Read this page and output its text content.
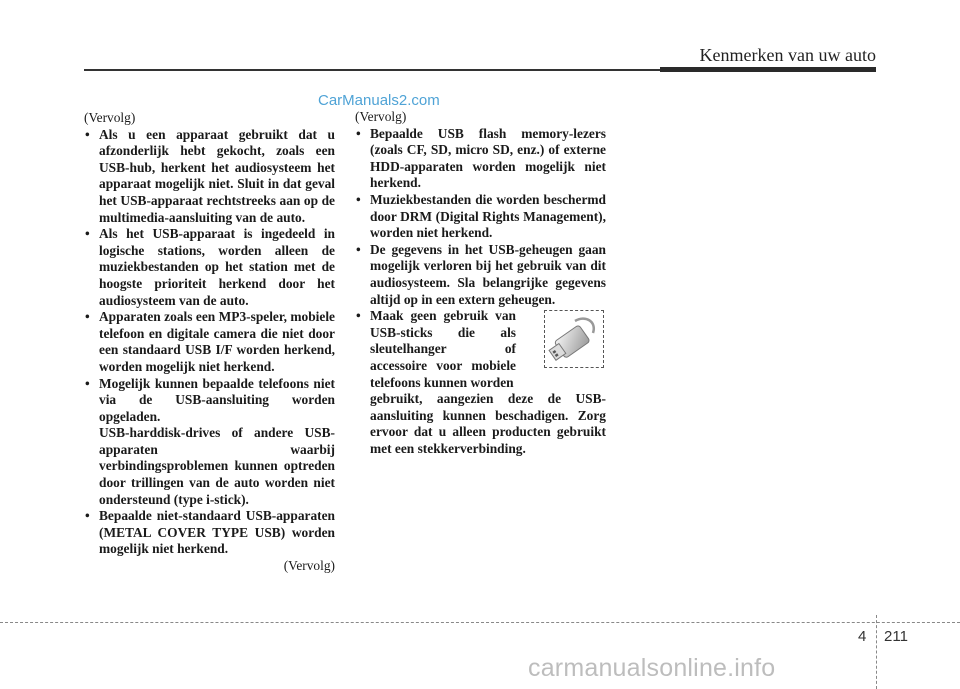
Kenmerken van uw auto
CarManuals2.com
(Vervolg)
• Als u een apparaat gebruikt dat u afzonderlijk hebt gekocht, zoals een USB-hub, herkent het audiosysteem het apparaat mogelijk niet. Sluit in dat geval het USB-apparaat rechtstreeks aan op de multimedia-aansluiting van de auto.
• Als het USB-apparaat is ingedeeld in logische stations, worden alleen de muziekbestanden op het station met de hoogste prioriteit herkend door het audiosysteem van de auto.
• Apparaten zoals een MP3-speler, mobiele telefoon en digitale camera die niet door een standaard USB I/F worden herkend, worden mogelijk niet herkend.
• Mogelijk kunnen bepaalde telefoons niet via de USB-aansluiting worden opgeladen.
USB-harddisk-drives of andere USB-apparaten waarbij verbindingsproblemen kunnen optreden door trillingen van de auto worden niet ondersteund (type i-stick).
• Bepaalde niet-standaard USB-apparaten (METAL COVER TYPE USB) worden mogelijk niet herkend.
(Vervolg)
(Vervolg)
• Bepaalde USB flash memory-lezers (zoals CF, SD, micro SD, enz.) of externe HDD-apparaten worden mogelijk niet herkend.
• Muziekbestanden die worden beschermd door DRM (Digital Rights Management), worden niet herkend.
• De gegevens in het USB-geheugen gaan mogelijk verloren bij het gebruik van dit audiosysteem. Sla belangrijke gegevens altijd op in een extern geheugen.
• Maak geen gebruik van USB-sticks die als sleutelhanger of accessoire voor mobiele telefoons kunnen worden
gebruikt, aangezien deze de USB-aansluiting kunnen beschadigen. Zorg ervoor dat u alleen producten gebruikt met een stekkerverbinding.
4 211
carmanualsonline.info
